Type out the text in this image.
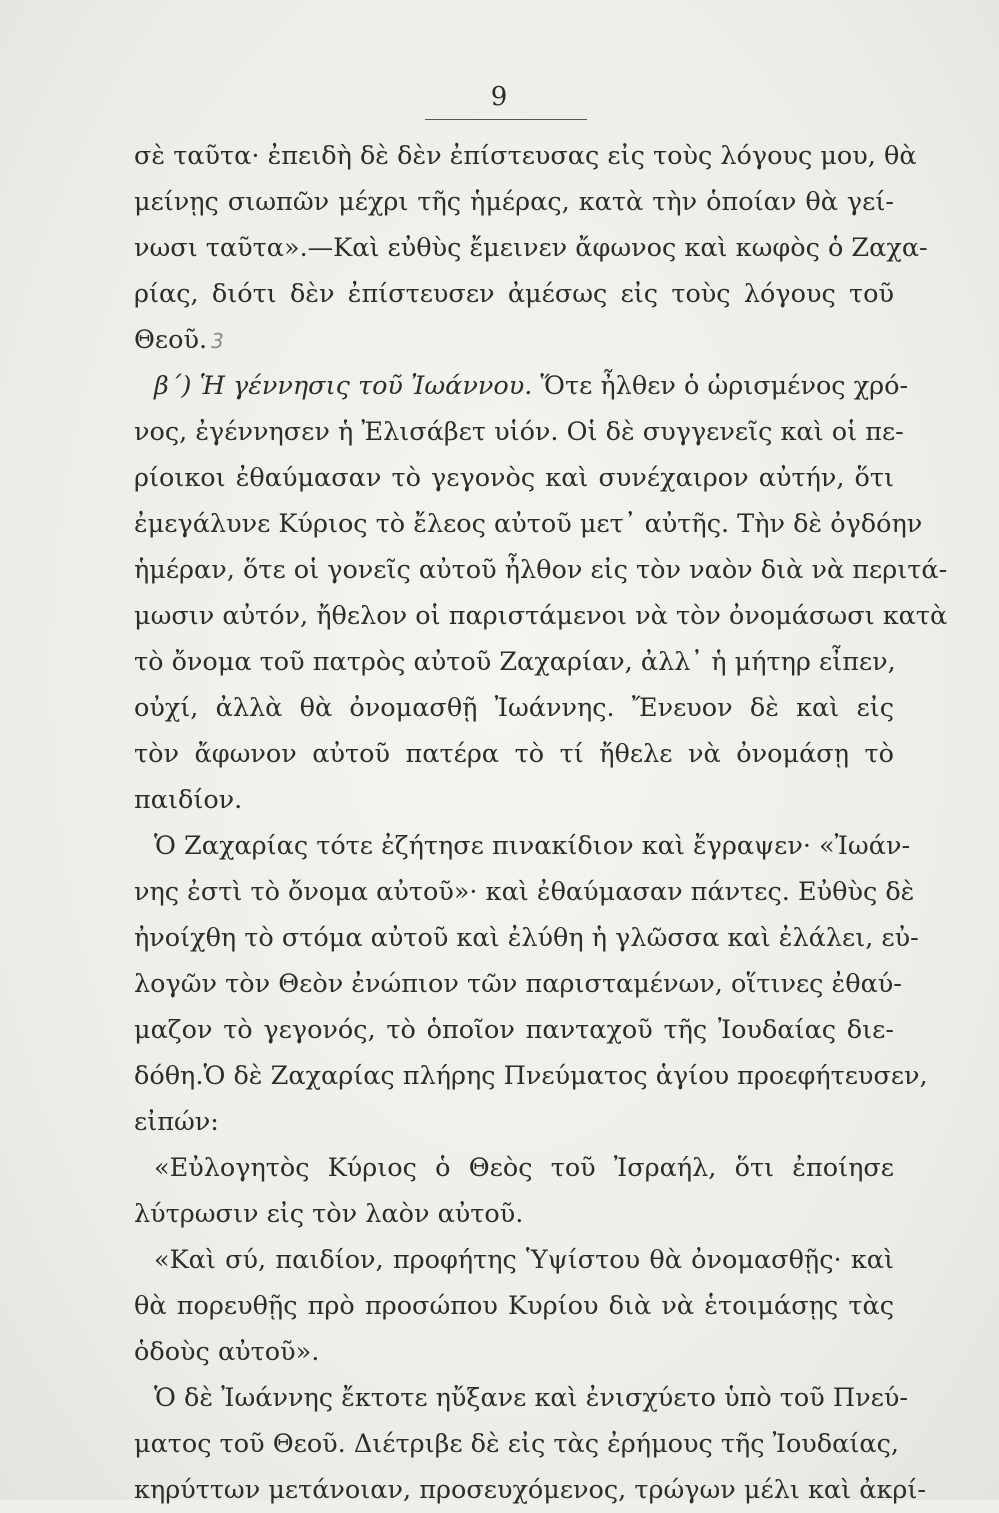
9
σὲ ταῦτα· ἐπειδὴ δὲ δὲν ἐπίστευσας εἰς τοὺς λόγους μου, θὰ
μείνῃς σιωπῶν μέχρι τῆς ἡμέρας, κατὰ τὴν ὁποίαν θὰ γεί-
νωσι ταῦτα».—Καὶ εὐθὺς ἔμεινεν ἄφωνος καὶ κωφὸς ὁ Ζαχα-
ρίας, διότι δὲν ἐπίστευσεν ἀμέσως εἰς τοὺς λόγους τοῦ
Θεοῦ. 3
β΄) Ἡ γέννησις τοῦ Ἰωάννου. Ὅτε ἦλθεν ὁ ὡρισμένος χρό-
νος, ἐγέννησεν ἡ Ἐλισάβετ υἱόν. Οἱ δὲ συγγενεῖς καὶ οἱ πε-
ρίοικοι ἐθαύμασαν τὸ γεγονὸς καὶ συνέχαιρον αὐτήν, ὅτι
ἐμεγάλυνε Κύριος τὸ ἔλεος αὐτοῦ μετ᾽ αὐτῆς. Τὴν δὲ ὀγδόην
ἡμέραν, ὅτε οἱ γονεῖς αὐτοῦ ἦλθον εἰς τὸν ναὸν διὰ νὰ περιτά-
μωσιν αὐτόν, ἤθελον οἱ παριστάμενοι νὰ τὸν ὀνομάσωσι κατὰ
τὸ ὄνομα τοῦ πατρὸς αὐτοῦ Ζαχαρίαν, ἀλλ᾽ ἡ μήτηρ εἶπεν,
οὐχί, ἀλλὰ θὰ ὀνομασθῇ Ἰωάννης. Ἔνευον δὲ καὶ εἰς
τὸν ἄφωνον αὐτοῦ πατέρα τὸ τί ἤθελε νὰ ὀνομάσῃ τὸ
παιδίον.
Ὁ Ζαχαρίας τότε ἐζήτησε πινακίδιον καὶ ἔγραψεν· «Ἰωάν-
νης ἐστὶ τὸ ὄνομα αὐτοῦ»· καὶ ἐθαύμασαν πάντες. Εὐθὺς δὲ
ἠνοίχθη τὸ στόμα αὐτοῦ καὶ ἐλύθη ἡ γλῶσσα καὶ ἐλάλει, εὐ-
λογῶν τὸν Θεὸν ἐνώπιον τῶν παρισταμένων, οἵτινες ἐθαύ-
μαζον τὸ γεγονός, τὸ ὁποῖον πανταχοῦ τῆς Ἰουδαίας διε-
δόθη.Ὁ δὲ Ζαχαρίας πλήρης Πνεύματος ἁγίου προεφήτευσεν,
εἰπών:
«Εὐλογητὸς Κύριος ὁ Θεὸς τοῦ Ἰσραήλ, ὅτι ἐποίησε
λύτρωσιν εἰς τὸν λαὸν αὐτοῦ.
«Καὶ σύ, παιδίον, προφήτης Ὑψίστου θὰ ὀνομασθῇς· καὶ
θὰ πορευθῇς πρὸ προσώπου Κυρίου διὰ νὰ ἑτοιμάσῃς τὰς
ὁδοὺς αὐτοῦ».
Ὁ δὲ Ἰωάννης ἔκτοτε ηὔξανε καὶ ἐνισχύετο ὑπὸ τοῦ Πνεύ-
ματος τοῦ Θεοῦ. Διέτριβε δὲ εἰς τὰς ἐρήμους τῆς Ἰουδαίας,
κηρύττων μετάνοιαν, προσευχόμενος, τρώγων μέλι καὶ ἀκρί-
